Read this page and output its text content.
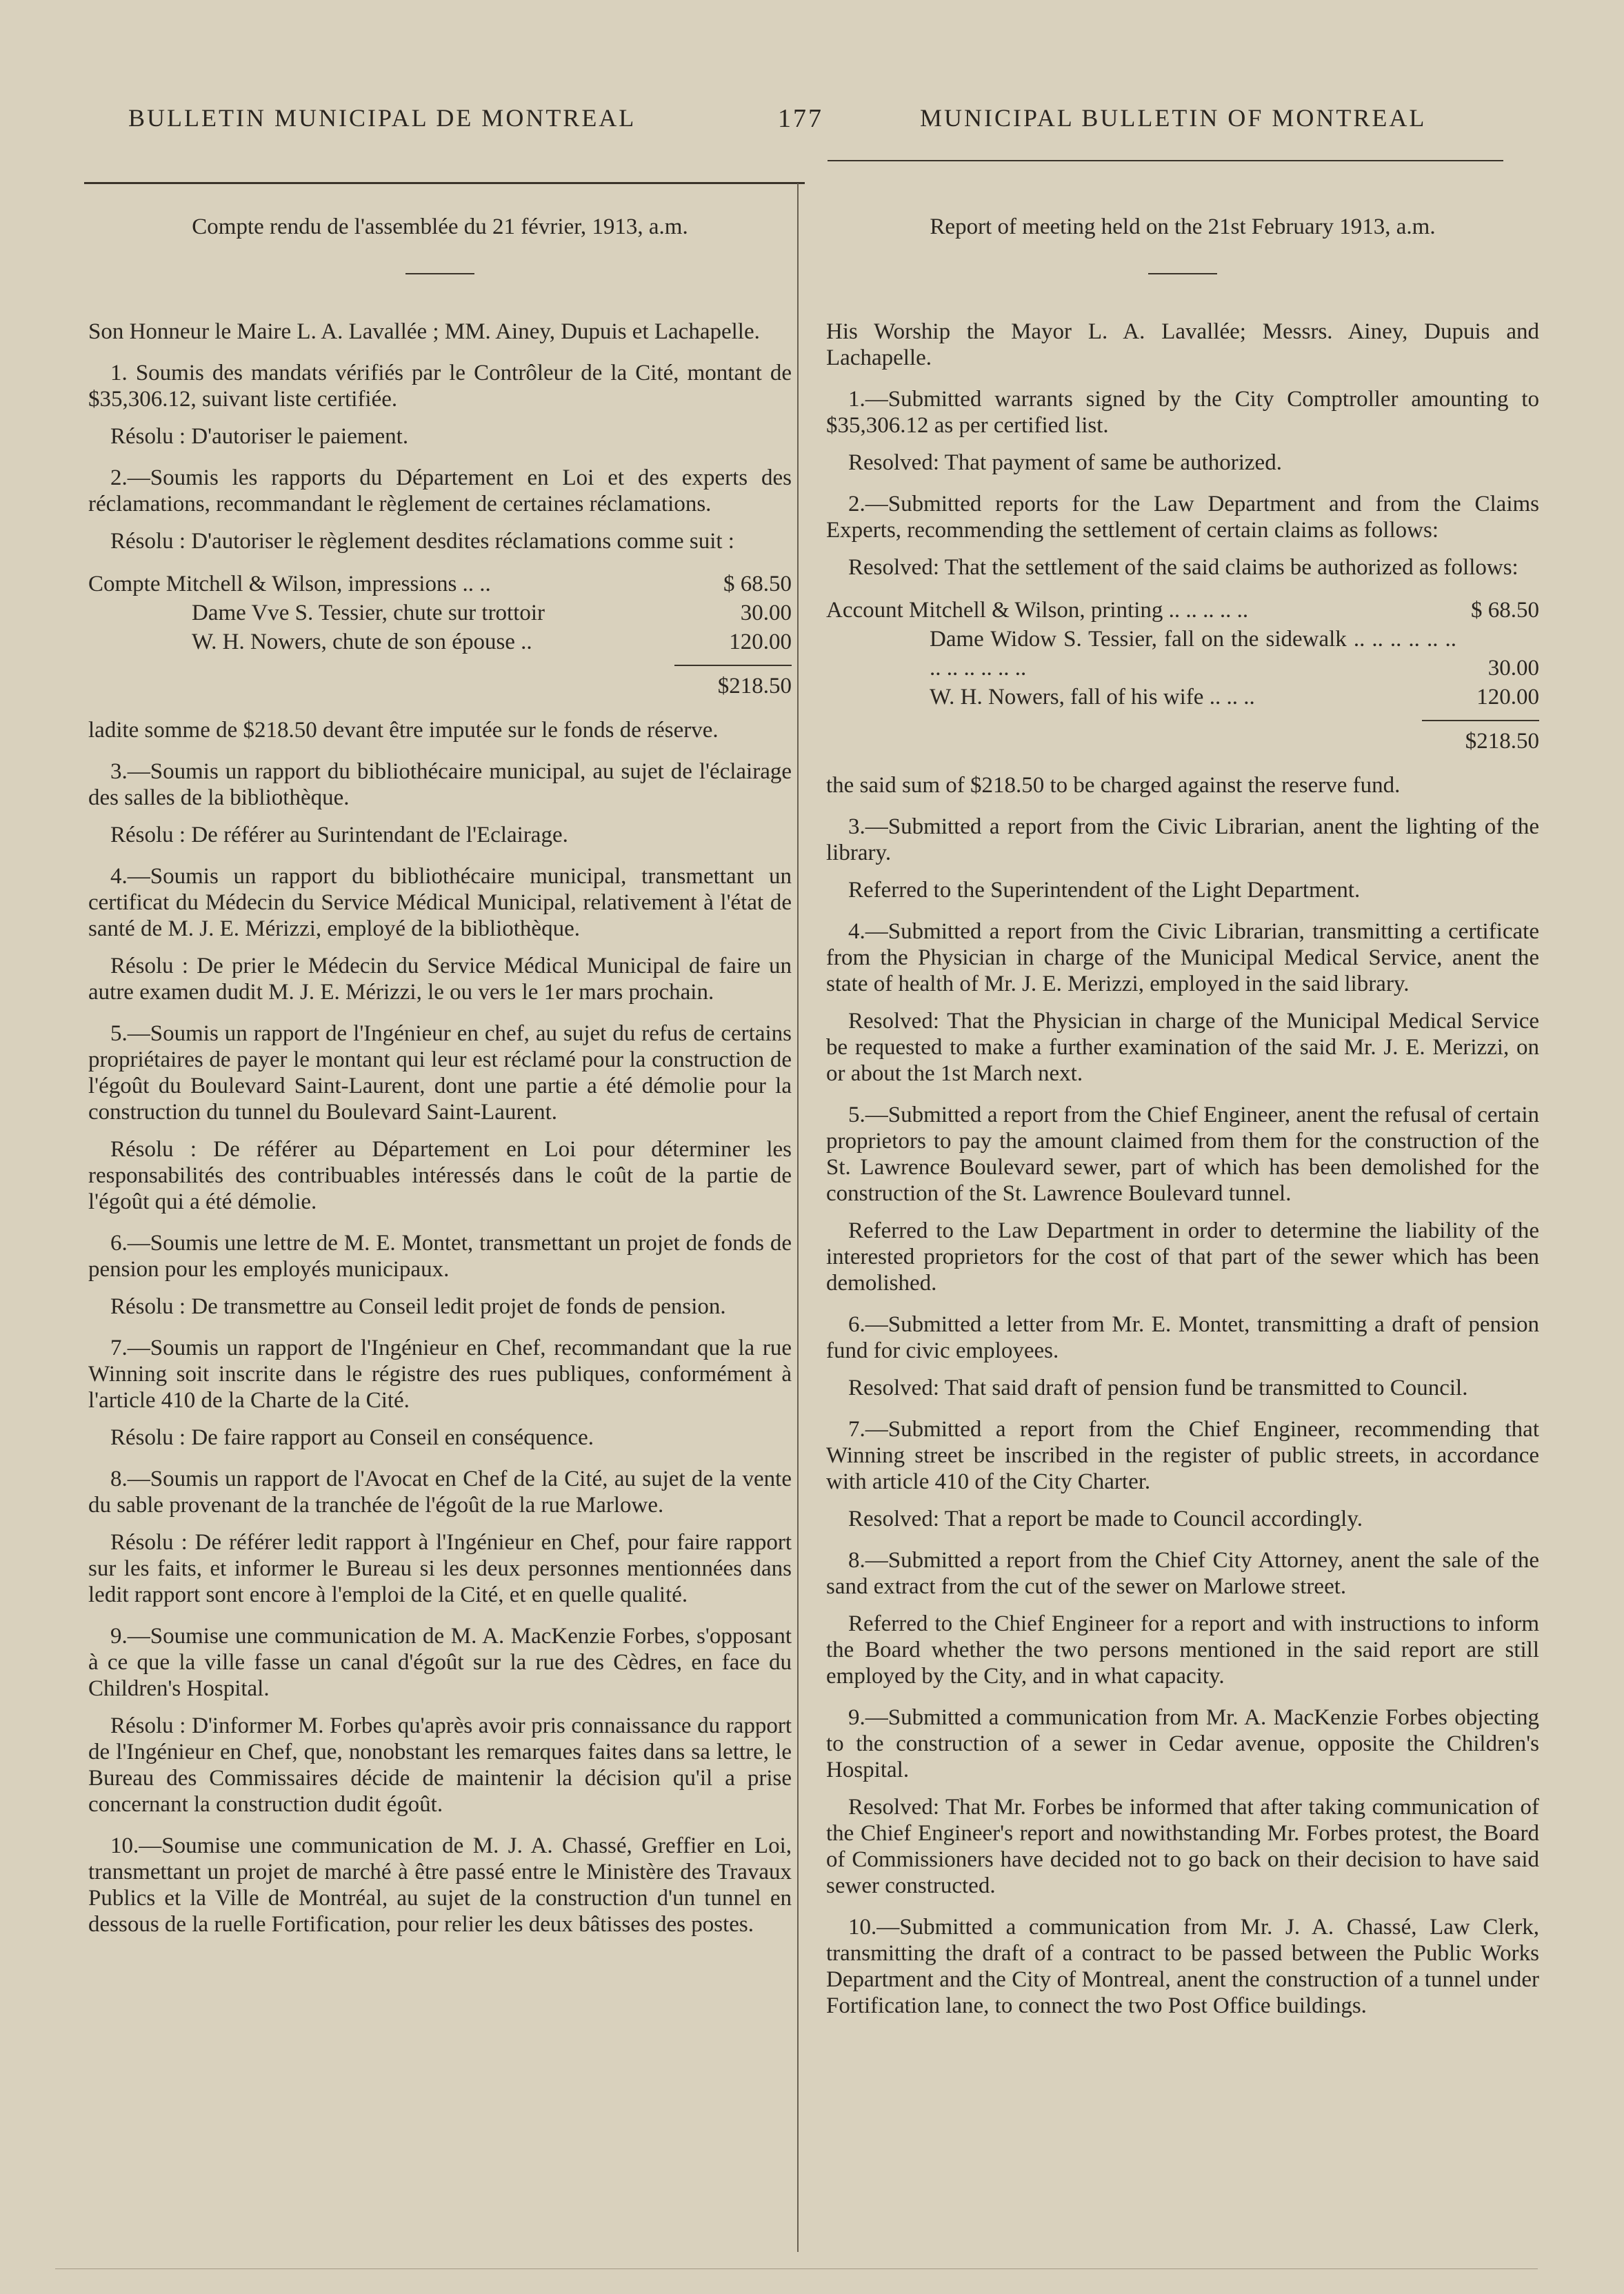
BULLETIN MUNICIPAL DE MONTREAL	177	MUNICIPAL BULLETIN OF MONTREAL
Compte rendu de l'assemblée du 21 février, 1913, a.m.

Son Honneur le Maire L. A. Lavallée ; MM. Ainey, Dupuis et Lachapelle.

1. Soumis des mandats vérifiés par le Contrôleur de la Cité, montant de $35,306.12, suivant liste certifiée.

Résolu : D'autoriser le paiement.

2.—Soumis les rapports du Département en Loi et des experts des réclamations, recommandant le règlement de certaines réclamations.

Résolu : D'autoriser le règlement desdites réclamations comme suit :

Compte Mitchell & Wilson, impressions .. ..	$ 68.50
Dame Vve S. Tessier, chute sur trottoir	30.00
W. H. Nowers, chute de son épouse ..	120.00
$218.50

ladite somme de $218.50 devant être imputée sur le fonds de réserve.

3.—Soumis un rapport du bibliothécaire municipal, au sujet de l'éclairage des salles de la bibliothèque.

Résolu : De référer au Surintendant de l'Eclairage.

4.—Soumis un rapport du bibliothécaire municipal, transmettant un certificat du Médecin du Service Médical Municipal, relativement à l'état de santé de M. J. E. Mérizzi, employé de la bibliothèque.

Résolu : De prier le Médecin du Service Médical Municipal de faire un autre examen dudit M. J. E. Mérizzi, le ou vers le 1er mars prochain.

5.—Soumis un rapport de l'Ingénieur en chef, au sujet du refus de certains propriétaires de payer le montant qui leur est réclamé pour la construction de l'égoût du Boulevard Saint-Laurent, dont une partie a été démolie pour la construction du tunnel du Boulevard Saint-Laurent.

Résolu : De référer au Département en Loi pour déterminer les responsabilités des contribuables intéressés dans le coût de la partie de l'égoût qui a été démolie.

6.—Soumis une lettre de M. E. Montet, transmettant un projet de fonds de pension pour les employés municipaux.

Résolu : De transmettre au Conseil ledit projet de fonds de pension.

7.—Soumis un rapport de l'Ingénieur en Chef, recommandant que la rue Winning soit inscrite dans le régistre des rues publiques, conformément à l'article 410 de la Charte de la Cité.

Résolu : De faire rapport au Conseil en conséquence.

8.—Soumis un rapport de l'Avocat en Chef de la Cité, au sujet de la vente du sable provenant de la tranchée de l'égoût de la rue Marlowe.

Résolu : De référer ledit rapport à l'Ingénieur en Chef, pour faire rapport sur les faits, et informer le Bureau si les deux personnes mentionnées dans ledit rapport sont encore à l'emploi de la Cité, et en quelle qualité.

9.—Soumise une communication de M. A. MacKenzie Forbes, s'opposant à ce que la ville fasse un canal d'égoût sur la rue des Cèdres, en face du Children's Hospital.

Résolu : D'informer M. Forbes qu'après avoir pris connaissance du rapport de l'Ingénieur en Chef, que, nonobstant les remarques faites dans sa lettre, le Bureau des Commissaires décide de maintenir la décision qu'il a prise concernant la construction dudit égoût.

10.—Soumise une communication de M. J. A. Chassé, Greffier en Loi, transmettant un projet de marché à être passé entre le Ministère des Travaux Publics et la Ville de Montréal, au sujet de la construction d'un tunnel en dessous de la ruelle Fortification, pour relier les deux bâtisses des postes.

Report of meeting held on the 21st February 1913, a.m.

His Worship the Mayor L. A. Lavallée; Messrs. Ainey, Dupuis and Lachapelle.

1.—Submitted warrants signed by the City Comptroller amounting to $35,306.12 as per certified list.

Resolved: That payment of same be authorized.

2.—Submitted reports for the Law Department and from the Claims Experts, recommending the settlement of certain claims as follows:

Resolved: That the settlement of the said claims be authorized as follows:

Account Mitchell & Wilson, printing .. .. .. .. ..	$ 68.50
Dame Widow S. Tessier, fall on the sidewalk .. .. .. .. .. .. .. .. .. .. .. ..	30.00
W. H. Nowers, fall of his wife .. .. ..	120.00
$218.50

the said sum of $218.50 to be charged against the reserve fund.

3.—Submitted a report from the Civic Librarian, anent the lighting of the library.

Referred to the Superintendent of the Light Department.

4.—Submitted a report from the Civic Librarian, transmitting a certificate from the Physician in charge of the Municipal Medical Service, anent the state of health of Mr. J. E. Merizzi, employed in the said library.

Resolved: That the Physician in charge of the Municipal Medical Service be requested to make a further examination of the said Mr. J. E. Merizzi, on or about the 1st March next.

5.—Submitted a report from the Chief Engineer, anent the refusal of certain proprietors to pay the amount claimed from them for the construction of the St. Lawrence Boulevard sewer, part of which has been demolished for the construction of the St. Lawrence Boulevard tunnel.

Referred to the Law Department in order to determine the liability of the interested proprietors for the cost of that part of the sewer which has been demolished.

6.—Submitted a letter from Mr. E. Montet, transmitting a draft of pension fund for civic employees.

Resolved: That said draft of pension fund be transmitted to Council.

7.—Submitted a report from the Chief Engineer, recommending that Winning street be inscribed in the register of public streets, in accordance with article 410 of the City Charter.

Resolved: That a report be made to Council accordingly.

8.—Submitted a report from the Chief City Attorney, anent the sale of the sand extract from the cut of the sewer on Marlowe street.

Referred to the Chief Engineer for a report and with instructions to inform the Board whether the two persons mentioned in the said report are still employed by the City, and in what capacity.

9.—Submitted a communication from Mr. A. MacKenzie Forbes objecting to the construction of a sewer in Cedar avenue, opposite the Children's Hospital.

Resolved: That Mr. Forbes be informed that after taking communication of the Chief Engineer's report and nowithstanding Mr. Forbes protest, the Board of Commissioners have decided not to go back on their decision to have said sewer constructed.

10.—Submitted a communication from Mr. J. A. Chassé, Law Clerk, transmitting the draft of a contract to be passed between the Public Works Department and the City of Montreal, anent the construction of a tunnel under Fortification lane, to connect the two Post Office buildings.
